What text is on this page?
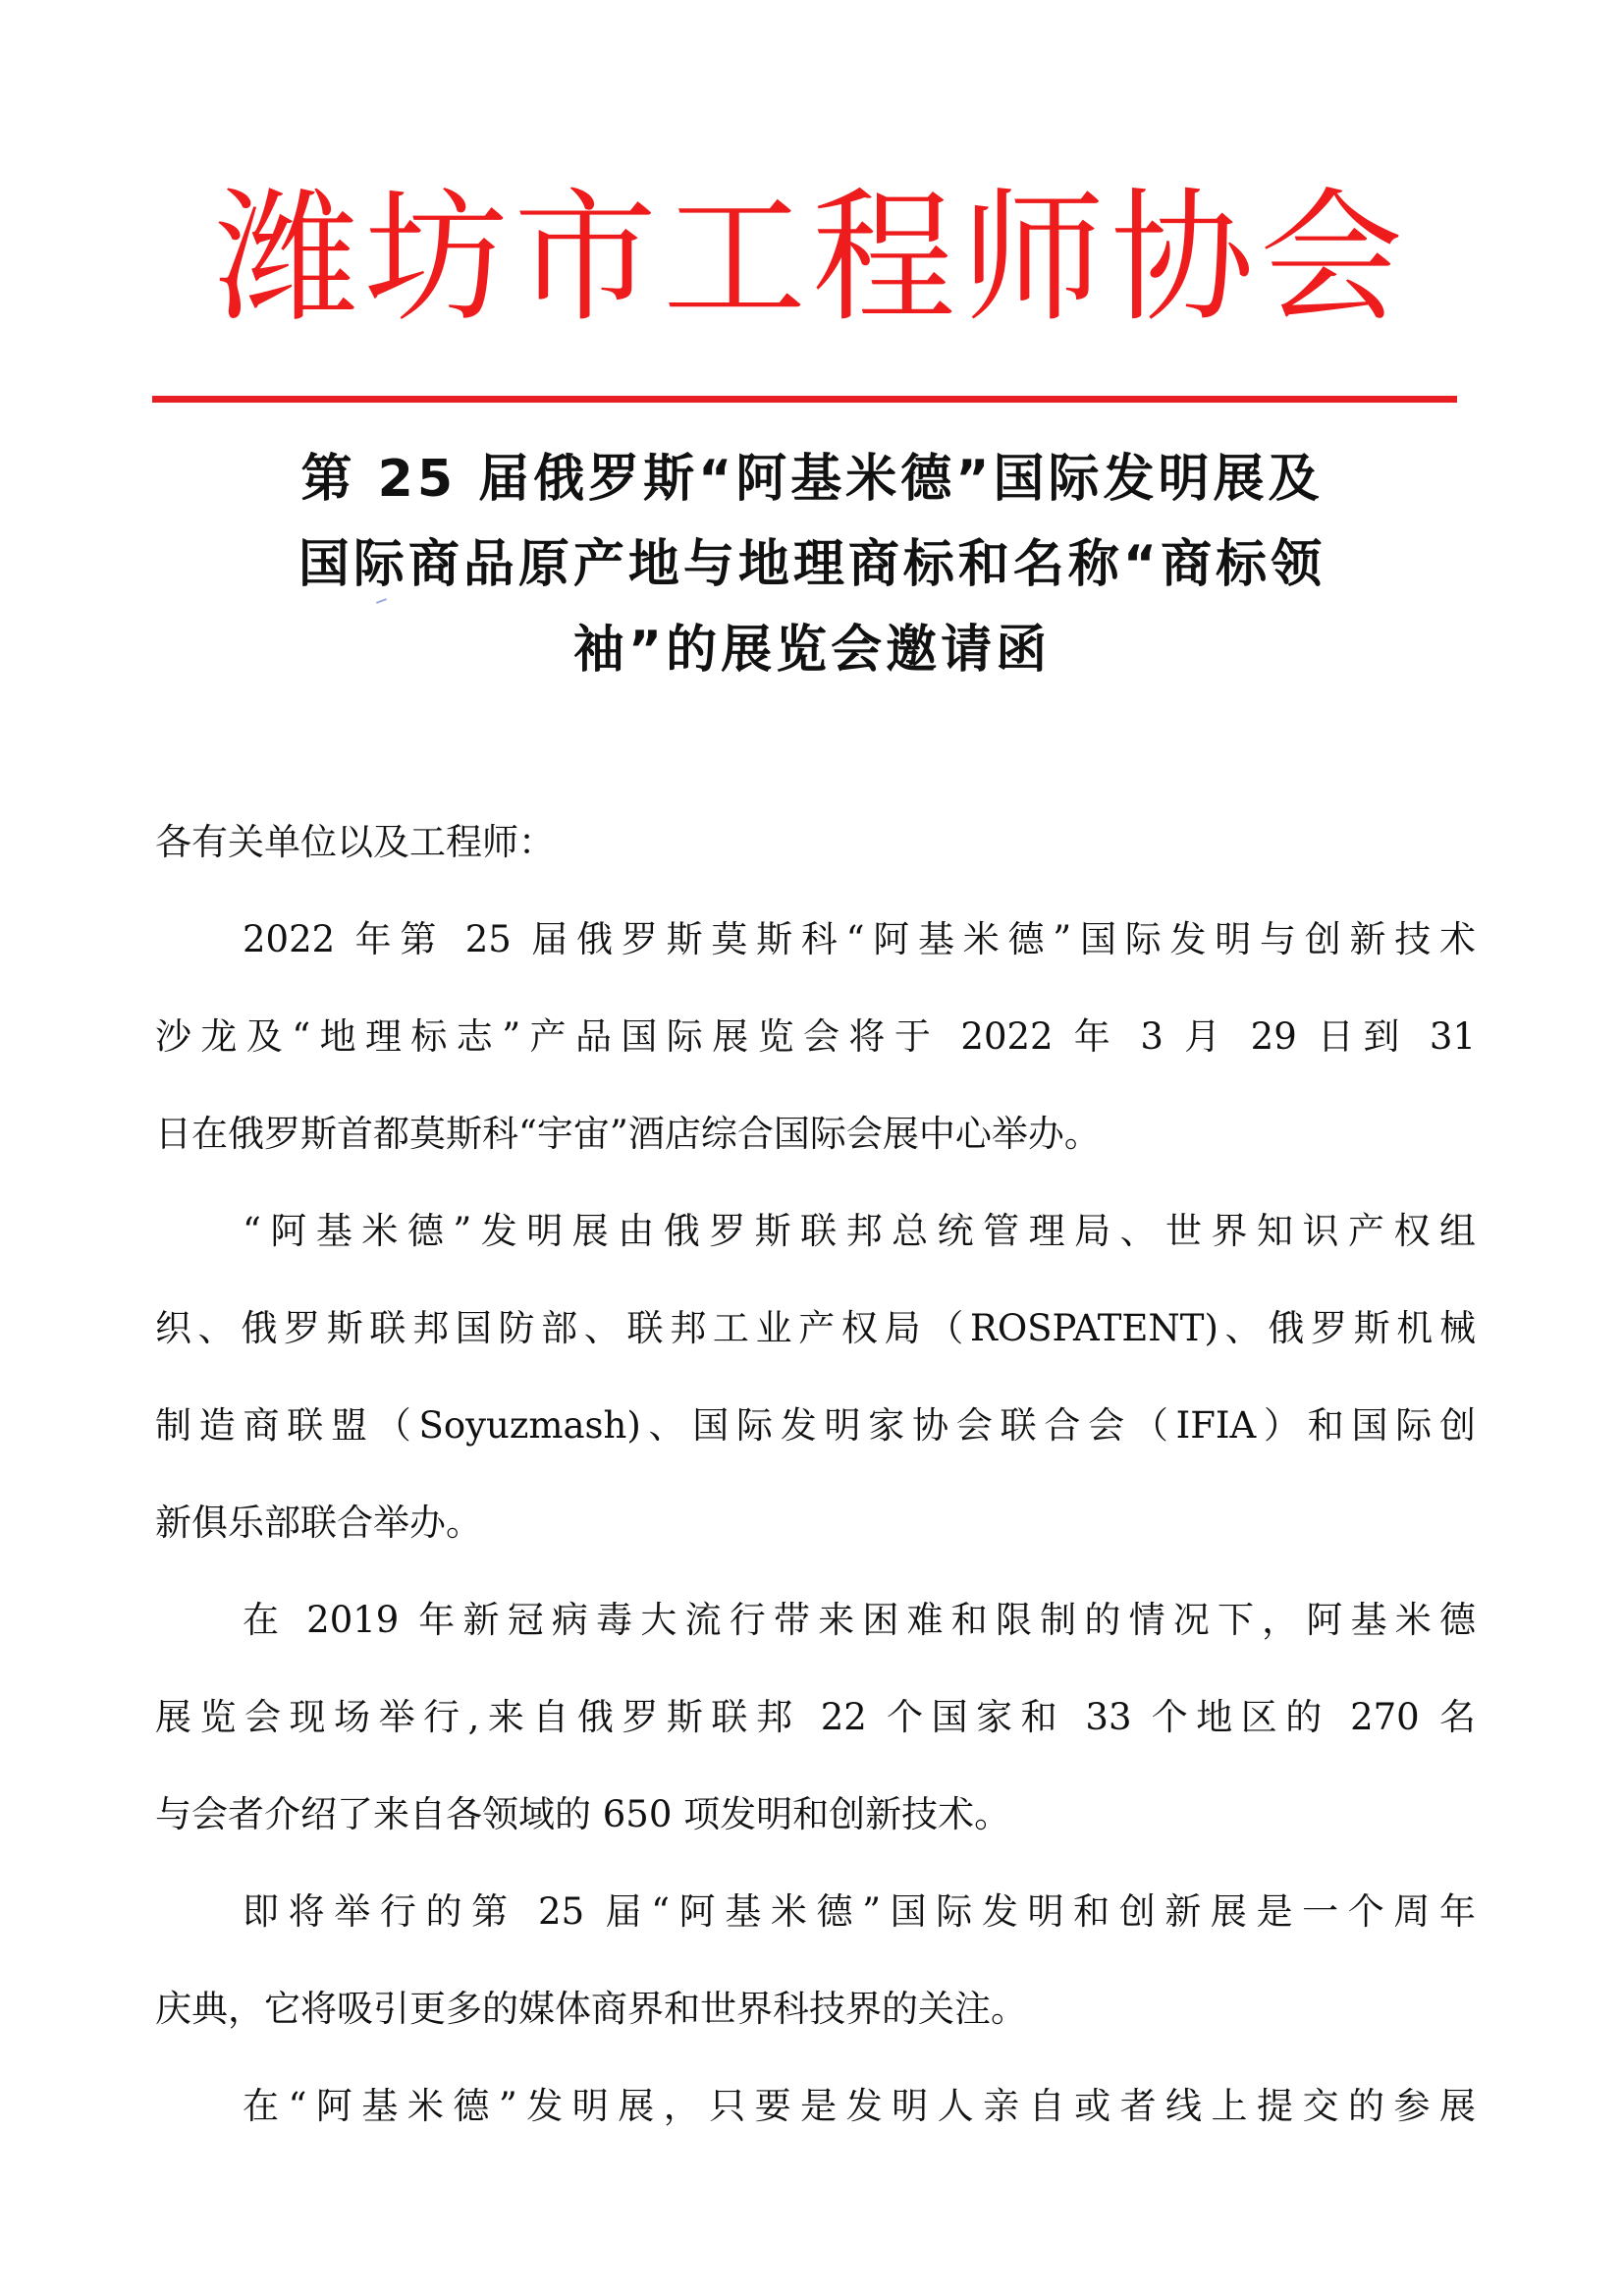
潍坊市工程师协会
第 25 届俄罗斯“阿基米德”国际发明展及
国际商品原产地与地理商标和名称“商标领
袖”的展览会邀请函
各有关单位以及工程师：
2022 年第 25 届俄罗斯莫斯科“阿基米德”国际发明与创新技术
沙龙及“地理标志”产品国际展览会将于 2022 年 3 月 29 日到 31
日在俄罗斯首都莫斯科“宇宙”酒店综合国际会展中心举办。
“阿基米德”发明展由俄罗斯联邦总统管理局、世界知识产权组
织、俄罗斯联邦国防部、联邦工业产权局（ROSPATENT)、俄罗斯机械
制造商联盟（Soyuzmash)、国际发明家协会联合会（IFIA）和国际创
新俱乐部联合举办。
在 2019 年新冠病毒大流行带来困难和限制的情况下，阿基米德
展览会现场举行,来自俄罗斯联邦 22 个国家和 33 个地区的 270 名
与会者介绍了来自各领域的 650 项发明和创新技术。
即将举行的第 25 届“阿基米德”国际发明和创新展是一个周年
庆典，它将吸引更多的媒体商界和世界科技界的关注。
在“阿基米德”发明展，只要是发明人亲自或者线上提交的参展
